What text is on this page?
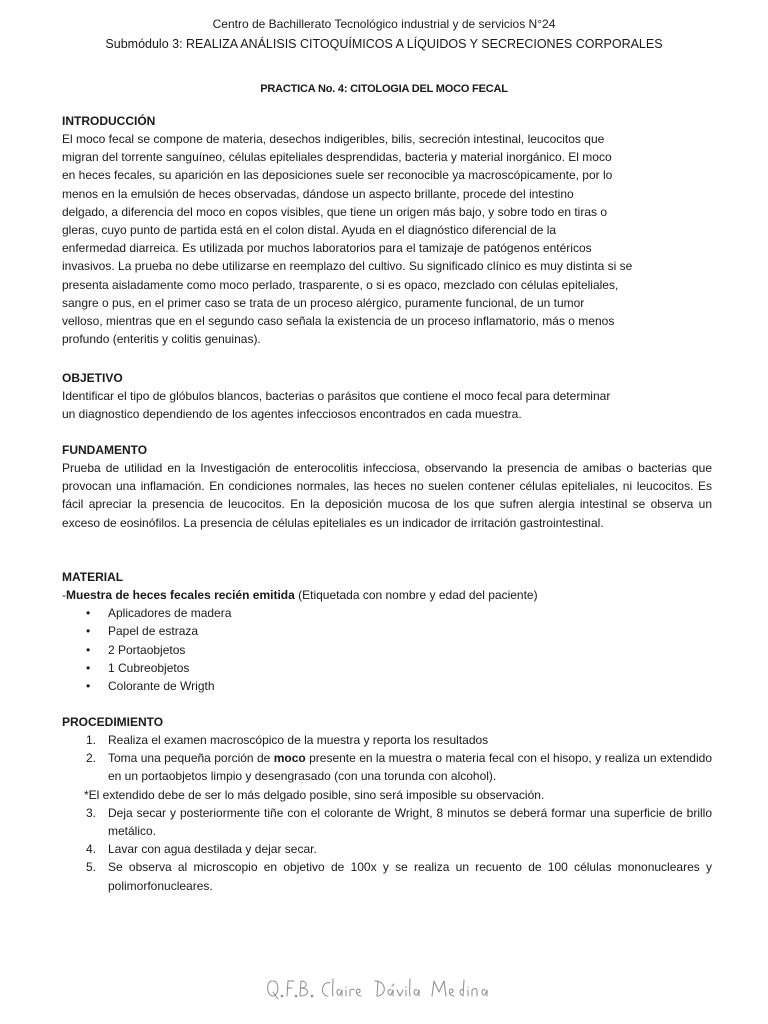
Centro de Bachillerato Tecnológico industrial y de servicios N°24
Submódulo 3: REALIZA ANÁLISIS CITOQUÍMICOS A LÍQUIDOS Y SECRECIONES CORPORALES
PRACTICA No. 4: CITOLOGIA DEL MOCO FECAL
INTRODUCCIÓN
El moco fecal se compone de materia, desechos indigeribles, bilis, secreción intestinal, leucocitos que
migran del torrente sanguíneo, células epiteliales desprendidas, bacteria y material inorgánico. El moco
en heces fecales, su aparición en las deposiciones suele ser reconocible ya macroscópicamente, por lo
menos en la emulsión de heces observadas, dándose un aspecto brillante, procede del intestino
delgado, a diferencia del moco en copos visibles, que tiene un origen más bajo, y sobre todo en tiras o
gleras, cuyo punto de partida está en el colon distal. Ayuda en el diagnóstico diferencial de la
enfermedad diarreica. Es utilizada por muchos laboratorios para el tamizaje de patógenos entéricos
invasivos. La prueba no debe utilizarse en reemplazo del cultivo. Su significado clínico es muy distinta si se
presenta aisladamente como moco perlado, trasparente, o si es opaco, mezclado con células epiteliales,
sangre o pus, en el primer caso se trata de un proceso alérgico, puramente funcional, de un tumor
velloso, mientras que en el segundo caso señala la existencia de un proceso inflamatorio, más o menos
profundo (enteritis y colitis genuinas).
OBJETIVO
Identificar el tipo de glóbulos blancos, bacterias o parásitos que contiene el moco fecal para determinar
un diagnostico dependiendo de los agentes infecciosos encontrados en cada muestra.
FUNDAMENTO
Prueba de utilidad en la Investigación de enterocolitis infecciosa, observando la presencia de amibas o bacterias que provocan una inflamación. En condiciones normales, las heces no suelen contener células epiteliales, ni leucocitos. Es fácil apreciar la presencia de leucocitos. En la deposición mucosa de los que sufren alergia intestinal se observa un exceso de eosinófilos. La presencia de células epiteliales es un indicador de irritación gastrointestinal.
MATERIAL
-Muestra de heces fecales recién emitida (Etiquetada con nombre y edad del paciente)
• Aplicadores de madera
• Papel de estraza
• 2 Portaobjetos
• 1 Cubreobjetos
• Colorante de Wrigth
PROCEDIMIENTO
1. Realiza el examen macroscópico de la muestra y reporta los resultados
2. Toma una pequeña porción de moco presente en la muestra o materia fecal con el hisopo, y realiza un extendido en un portaobjetos limpio y desengrasado (con una torunda con alcohol).
*El extendido debe de ser lo más delgado posible, sino será imposible su observación.
3. Deja secar y posteriormente tiñe con el colorante de Wright, 8 minutos se deberá formar una superficie de brillo metálico.
4. Lavar con agua destilada y dejar secar.
5. Se observa al microscopio en objetivo de 100x y se realiza un recuento de 100 células mononucleares y polimorfonucleares.
